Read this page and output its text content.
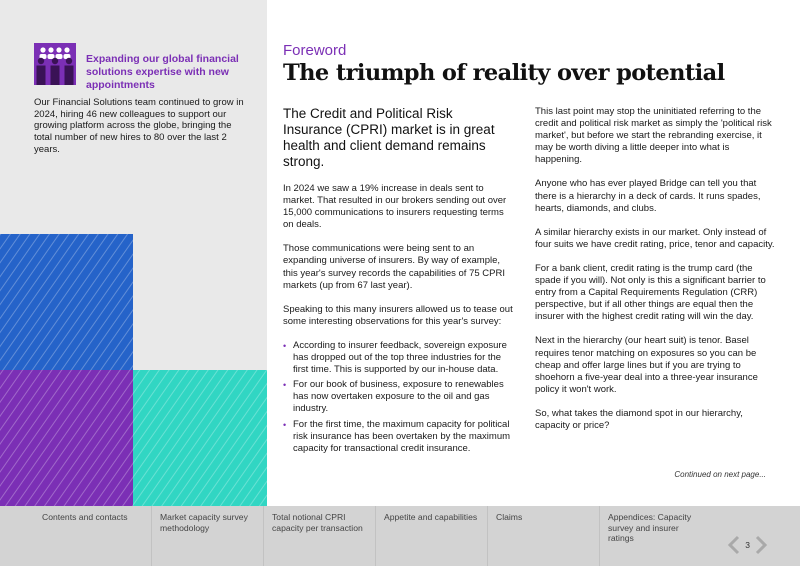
Expanding our global financial solutions expertise with new appointments
Our Financial Solutions team continued to grow in 2024, hiring 46 new colleagues to support our growing platform across the globe, bringing the total number of new hires to 80 over the last 2 years.
Foreword
The triumph of reality over potential

The Credit and Political Risk Insurance (CPRI) market is in great health and client demand remains strong.

In 2024 we saw a 19% increase in deals sent to market. That resulted in our brokers sending out over 15,000 communications to insurers requesting terms on deals.

Those communications were being sent to an expanding universe of insurers. By way of example, this year's survey records the capabilities of 75 CPRI markets (up from 67 last year).

Speaking to this many insurers allowed us to tease out some interesting observations for this year's survey:

• According to insurer feedback, sovereign exposure has dropped out of the top three industries for the first time. This is supported by our in-house data.
• For our book of business, exposure to renewables has now overtaken exposure to the oil and gas industry.
• For the first time, the maximum capacity for political risk insurance has been overtaken by the maximum capacity for transactional credit insurance.

This last point may stop the uninitiated referring to the credit and political risk market as simply the 'political risk market', but before we start the rebranding exercise, it may be worth diving a little deeper into what is happening.

Anyone who has ever played Bridge can tell you that there is a hierarchy in a deck of cards. It runs spades, hearts, diamonds, and clubs.

A similar hierarchy exists in our market. Only instead of four suits we have credit rating, price, tenor and capacity.

For a bank client, credit rating is the trump card (the spade if you will). Not only is this a significant barrier to entry from a Capital Requirements Regulation (CRR) perspective, but if all other things are equal then the insurer with the highest credit rating will win the day.

Next in the hierarchy (our heart suit) is tenor. Basel requires tenor matching on exposures so you can be cheap and offer large lines but if you are trying to shoehorn a five-year deal into a three-year insurance policy it won't work.

So, what takes the diamond spot in our hierarchy, capacity or price?

Continued on next page...
Contents and contacts	Market capacity survey methodology
Total notional CPRI capacity per transaction
Appetite and capabilities	Claims	Appendices: Capacity survey and insurer ratings
3
